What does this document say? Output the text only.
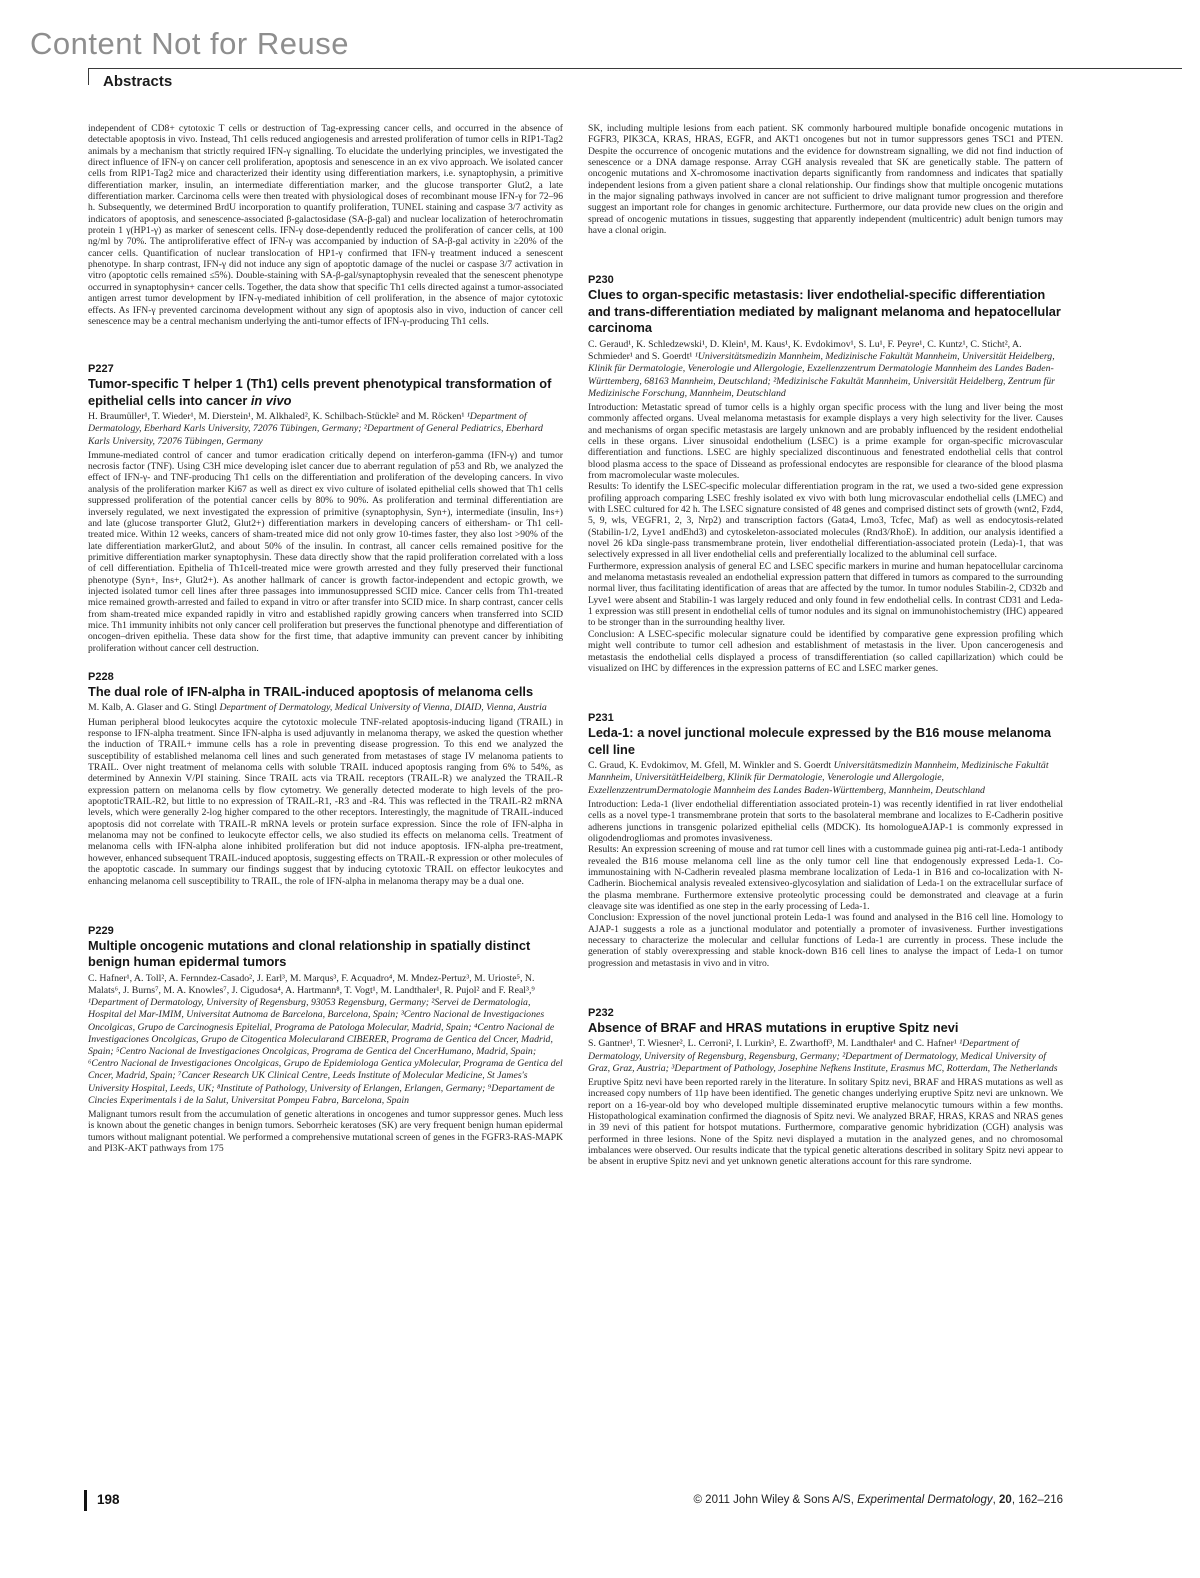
Content Not for Reuse
Abstracts
independent of CD8+ cytotoxic T cells or destruction of Tag-expressing cancer cells, and occurred in the absence of detectable apoptosis in vivo. Instead, Th1 cells reduced angiogenesis and arrested proliferation of tumor cells in RIP1-Tag2 animals by a mechanism that strictly required IFN-γ signalling. To elucidate the underlying principles, we investigated the direct influence of IFN-γ on cancer cell proliferation, apoptosis and senescence in an ex vivo approach. We isolated cancer cells from RIP1-Tag2 mice and characterized their identity using differentiation markers, i.e. synaptophysin, a primitive differentiation marker, insulin, an intermediate differentiation marker, and the glucose transporter Glut2, a late differentiation marker. Carcinoma cells were then treated with physiological doses of recombinant mouse IFN-γ for 72–96 h. Subsequently, we determined BrdU incorporation to quantify proliferation, TUNEL staining and caspase 3/7 activity as indicators of apoptosis, and senescence-associated β-galactosidase (SA-β-gal) and nuclear localization of heterochromatin protein 1 γ(HP1-γ) as marker of senescent cells. IFN-γ dose-dependently reduced the proliferation of cancer cells, at 100 ng/ml by 70%. The antiproliferative effect of IFN-γ was accompanied by induction of SA-β-gal activity in ≥20% of the cancer cells. Quantification of nuclear translocation of HP1-γ confirmed that IFN-γ treatment induced a senescent phenotype. In sharp contrast, IFN-γ did not induce any sign of apoptotic damage of the nuclei or caspase 3/7 activation in vitro (apoptotic cells remained ≤5%). Double-staining with SA-β-gal/synaptophysin revealed that the senescent phenotype occurred in synaptophysin+ cancer cells. Together, the data show that specific Th1 cells directed against a tumor-associated antigen arrest tumor development by IFN-γ-mediated inhibition of cell proliferation, in the absence of major cytotoxic effects. As IFN-γ prevented carcinoma development without any sign of apoptosis also in vivo, induction of cancer cell senescence may be a central mechanism underlying the anti-tumor effects of IFN-γ-producing Th1 cells.
P227
Tumor-specific T helper 1 (Th1) cells prevent phenotypical transformation of epithelial cells into cancer in vivo
H. Braumüller¹, T. Wieder¹, M. Dierstein¹, M. Alkhaled², K. Schilbach-Stückle² and M. Röcken¹ ¹Department of Dermatology, Eberhard Karls University, 72076 Tübingen, Germany; ²Department of General Pediatrics, Eberhard Karls University, 72076 Tübingen, Germany

Immune-mediated control of cancer and tumor eradication critically depend on interferon-gamma (IFN-γ) and tumor necrosis factor (TNF). Using C3H mice developing islet cancer due to aberrant regulation of p53 and Rb, we analyzed the effect of IFN-γ- and TNF-producing Th1 cells on the differentiation and proliferation of the developing cancers. In vivo analysis of the proliferation marker Ki67 as well as direct ex vivo culture of isolated epithelial cells showed that Th1 cells suppressed proliferation of the potential cancer cells by 80% to 90%. As proliferation and terminal differentiation are inversely regulated, we next investigated the expression of primitive (synaptophysin, Syn+), intermediate (insulin, Ins+) and late (glucose transporter Glut2, Glut2+) differentiation markers in developing cancers of eithersham- or Th1 cell-treated mice. Within 12 weeks, cancers of sham-treated mice did not only grow 10-times faster, they also lost >90% of the late differentiation markerGlut2, and about 50% of the insulin. In contrast, all cancer cells remained positive for the primitive differentiation marker synaptophysin. These data directly show that the rapid proliferation correlated with a loss of cell differentiation. Epithelia of Th1cell-treated mice were growth arrested and they fully preserved their functional phenotype (Syn+, Ins+, Glut2+). As another hallmark of cancer is growth factor-independent and ectopic growth, we injected isolated tumor cell lines after three passages into immunosuppressed SCID mice. Cancer cells from Th1-treated mice remained growth-arrested and failed to expand in vitro or after transfer into SCID mice. In sharp contrast, cancer cells from sham-treated mice expanded rapidly in vitro and established rapidly growing cancers when transferred into SCID mice. Th1 immunity inhibits not only cancer cell proliferation but preserves the functional phenotype and differentiation of oncogen–driven epithelia. These data show for the first time, that adaptive immunity can prevent cancer by inhibiting proliferation without cancer cell destruction.

P228
The dual role of IFN-alpha in TRAIL-induced apoptosis of melanoma cells
M. Kalb, A. Glaser and G. Stingl Department of Dermatology, Medical University of Vienna, DIAID, Vienna, Austria

Human peripheral blood leukocytes acquire the cytotoxic molecule TNF-related apoptosis-inducing ligand (TRAIL) in response to IFN-alpha treatment. Since IFN-alpha is used adjuvantly in melanoma therapy, we asked the question whether the induction of TRAIL+ immune cells has a role in preventing disease progression. To this end we analyzed the susceptibility of established melanoma cell lines and such generated from metastases of stage IV melanoma patients to TRAIL. Over night treatment of melanoma cells with soluble TRAIL induced apoptosis ranging from 6% to 54%, as determined by Annexin V/PI staining. Since TRAIL acts via TRAIL receptors (TRAIL-R) we analyzed the TRAIL-R expression pattern on melanoma cells by flow cytometry. We generally detected moderate to high levels of the pro-apoptoticTRAIL-R2, but little to no expression of TRAIL-R1, -R3 and -R4. This was reflected in the TRAIL-R2 mRNA levels, which were generally 2-log higher compared to the other receptors. Interestingly, the magnitude of TRAIL-induced apoptosis did not correlate with TRAIL-R mRNA levels or protein surface expression. Since the role of IFN-alpha in melanoma may not be confined to leukocyte effector cells, we also studied its effects on melanoma cells. Treatment of melanoma cells with IFN-alpha alone inhibited proliferation but did not induce apoptosis. IFN-alpha pre-treatment, however, enhanced subsequent TRAIL-induced apoptosis, suggesting effects on TRAIL-R expression or other molecules of the apoptotic cascade. In summary our findings suggest that by inducing cytotoxic TRAIL on effector leukocytes and enhancing melanoma cell susceptibility to TRAIL, the role of IFN-alpha in melanoma therapy may be a dual one.

P229
Multiple oncogenic mutations and clonal relationship in spatially distinct benign human epidermal tumors
C. Hafner¹, A. Toll², A. Fernndez-Casado², J. Earl³, M. Marqus³, F. Acquadro⁴, M. Mndez-Pertuz³, M. Urioste⁵, N. Malats⁶, J. Burns⁷, M. A. Knowles⁷, J. Cigudosa⁴, A. Hartmann⁸, T. Vogt¹, M. Landthaler¹, R. Pujol² and F. Real³,⁹ ¹Department of Dermatology, University of Regensburg, 93053 Regensburg, Germany; ²Servei de Dermatologia, Hospital del Mar-IMIM, Universitat Autnoma de Barcelona, Barcelona, Spain; ³Centro Nacional de Investigaciones Oncolgicas, Grupo de Carcinognesis Epitelial, Programa de Patologa Molecular, Madrid, Spain; ⁴Centro Nacional de Investigaciones Oncolgicas, Grupo de Citogentica Molecularand CIBERER, Programa de Gentica del Cncer, Madrid, Spain; ⁵Centro Nacional de Investigaciones Oncolgicas, Programa de Gentica del CncerHumano, Madrid, Spain; ⁶Centro Nacional de Investigaciones Oncolgicas, Grupo de Epidemiologa Gentica yMolecular, Programa de Gentica del Cncer, Madrid, Spain; ⁷Cancer Research UK Clinical Centre, Leeds Institute of Molecular Medicine, St James's University Hospital, Leeds, UK; ⁸Institute of Pathology, University of Erlangen, Erlangen, Germany; ⁹Departament de Cincies Experimentals i de la Salut, Universitat Pompeu Fabra, Barcelona, Spain

Malignant tumors result from the accumulation of genetic alterations in oncogenes and tumor suppressor genes. Much less is known about the genetic changes in benign tumors. Seborrheic keratoses (SK) are very frequent benign human epidermal tumors without malignant potential. We performed a comprehensive mutational screen of genes in the FGFR3-RAS-MAPK and PI3K-AKT pathways from 175

SK, including multiple lesions from each patient. SK commonly harboured multiple bonafide oncogenic mutations in FGFR3, PIK3CA, KRAS, HRAS, EGFR, and AKT1 oncogenes but not in tumor suppressors genes TSC1 and PTEN. Despite the occurrence of oncogenic mutations and the evidence for downstream signalling, we did not find induction of senescence or a DNA damage response. Array CGH analysis revealed that SK are genetically stable. The pattern of oncogenic mutations and X-chromosome inactivation departs significantly from randomness and indicates that spatially independent lesions from a given patient share a clonal relationship. Our findings show that multiple oncogenic mutations in the major signaling pathways involved in cancer are not sufficient to drive malignant tumor progression and therefore suggest an important role for changes in genomic architecture. Furthermore, our data provide new clues on the origin and spread of oncogenic mutations in tissues, suggesting that apparently independent (multicentric) adult benign tumors may have a clonal origin.
P230
Clues to organ-specific metastasis: liver endothelial-specific differentiation and trans-differentiation mediated by malignant melanoma and hepatocellular carcinoma
C. Geraud¹, K. Schledzewski¹, D. Klein¹, M. Kaus¹, K. Evdokimov¹, S. Lu¹, F. Peyre¹, C. Kuntz¹, C. Sticht², A. Schmieder¹ and S. Goerdt¹ ¹Universitätsmedizin Mannheim, Medizinische Fakultät Mannheim, Universität Heidelberg, Klinik für Dermatologie, Venerologie und Allergologie, Exzellenzzentrum Dermatologie Mannheim des Landes Baden-Württemberg, 68163 Mannheim, Deutschland; ²Medizinische Fakultät Mannheim, Universität Heidelberg, Zentrum für Medizinische Forschung, Mannheim, Deutschland

Introduction: Metastatic spread of tumor cells is a highly organ specific process with the lung and liver being the most commonly affected organs. Uveal melanoma metastasis for example displays a very high selectivity for the liver. Causes and mechanisms of organ specific metastasis are largely unknown and are probably influenced by the resident endothelial cells in these organs. Liver sinusoidal endothelium (LSEC) is a prime example for organ-specific microvascular differentiation and functions. LSEC are highly specialized discontinuous and fenestrated endothelial cells that control blood plasma access to the space of Disseand as professional endocytes are responsible for clearance of the blood plasma from macromolecular waste molecules.

Results: To identify the LSEC-specific molecular differentiation program in the rat, we used a two-sided gene expression profiling approach comparing LSEC freshly isolated ex vivo with both lung microvascular endothelial cells (LMEC) and with LSEC cultured for 42 h. The LSEC signature consisted of 48 genes and comprised distinct sets of growth (wnt2, Fzd4, 5, 9, wls, VEGFR1, 2, 3, Nrp2) and transcription factors (Gata4, Lmo3, Tcfec, Maf) as well as endocytosis-related (Stabilin-1/2, Lyve1 andEhd3) and cytoskeleton-associated molecules (Rnd3/RhoE). In addition, our analysis identified a novel 26 kDa single-pass transmembrane protein, liver endothelial differentiation-associated protein (Leda)-1, that was selectively expressed in all liver endothelial cells and preferentially localized to the abluminal cell surface.

Furthermore, expression analysis of general EC and LSEC specific markers in murine and human hepatocellular carcinoma and melanoma metastasis revealed an endothelial expression pattern that differed in tumors as compared to the surrounding normal liver, thus facilitating identification of areas that are affected by the tumor. In tumor nodules Stabilin-2, CD32b and Lyve1 were absent and Stabilin-1 was largely reduced and only found in few endothelial cells. In contrast CD31 and Leda-1 expression was still present in endothelial cells of tumor nodules and its signal on immunohistochemistry (IHC) appeared to be stronger than in the surrounding healthy liver.

Conclusion: A LSEC-specific molecular signature could be identified by comparative gene expression profiling which might well contribute to tumor cell adhesion and establishment of metastasis in the liver. Upon cancerogenesis and metastasis the endothelial cells displayed a process of transdifferentiation (so called capillarization) which could be visualized on IHC by differences in the expression patterns of EC and LSEC marker genes.

P231
Leda-1: a novel junctional molecule expressed by the B16 mouse melanoma cell line
C. Graud, K. Evdokimov, M. Gfell, M. Winkler and S. Goerdt Universitätsmedizin Mannheim, Medizinische Fakultät Mannheim, UniversitätHeidelberg, Klinik für Dermatologie, Venerologie und Allergologie, ExzellenzzentrumDermatologie Mannheim des Landes Baden-Württemberg, Mannheim, Deutschland

Introduction: Leda-1 (liver endothelial differentiation associated protein-1) was recently identified in rat liver endothelial cells as a novel type-1 transmembrane protein that sorts to the basolateral membrane and localizes to E-Cadherin positive adherens junctions in transgenic polarized epithelial cells (MDCK). Its homologueAJAP-1 is commonly expressed in oligodendrogliomas and promotes invasiveness.

Results: An expression screening of mouse and rat tumor cell lines with a custommade guinea pig anti-rat-Leda-1 antibody revealed the B16 mouse melanoma cell line as the only tumor cell line that endogenously expressed Leda-1. Co-immunostaining with N-Cadherin revealed plasma membrane localization of Leda-1 in B16 and co-localization with N-Cadherin. Biochemical analysis revealed extensiveo-glycosylation and sialidation of Leda-1 on the extracellular surface of the plasma membrane. Furthermore extensive proteolytic processing could be demonstrated and cleavage at a furin cleavage site was identified as one step in the early processing of Leda-1.

Conclusion: Expression of the novel junctional protein Leda-1 was found and analysed in the B16 cell line. Homology to AJAP-1 suggests a role as a junctional modulator and potentially a promoter of invasiveness. Further investigations necessary to characterize the molecular and cellular functions of Leda-1 are currently in process. These include the generation of stably overexpressing and stable knock-down B16 cell lines to analyse the impact of Leda-1 on tumor progression and metastasis in vivo and in vitro.

P232
Absence of BRAF and HRAS mutations in eruptive Spitz nevi
S. Gantner¹, T. Wiesner², L. Cerroni², I. Lurkin³, E. Zwarthoff³, M. Landthaler¹ and C. Hafner¹ ¹Department of Dermatology, University of Regensburg, Regensburg, Germany; ²Department of Dermatology, Medical University of Graz, Graz, Austria; ³Department of Pathology, Josephine Nefkens Institute, Erasmus MC, Rotterdam, The Netherlands

Eruptive Spitz nevi have been reported rarely in the literature. In solitary Spitz nevi, BRAF and HRAS mutations as well as increased copy numbers of 11p have been identified. The genetic changes underlying eruptive Spitz nevi are unknown. We report on a 16-year-old boy who developed multiple disseminated eruptive melanocytic tumours within a few months. Histopathological examination confirmed the diagnosis of Spitz nevi. We analyzed BRAF, HRAS, KRAS and NRAS genes in 39 nevi of this patient for hotspot mutations. Furthermore, comparative genomic hybridization (CGH) analysis was performed in three lesions. None of the Spitz nevi displayed a mutation in the analyzed genes, and no chromosomal imbalances were observed. Our results indicate that the typical genetic alterations described in solitary Spitz nevi appear to be absent in eruptive Spitz nevi and yet unknown genetic alterations account for this rare syndrome.

198	© 2011 John Wiley & Sons A/S, Experimental Dermatology, 20, 162–216
